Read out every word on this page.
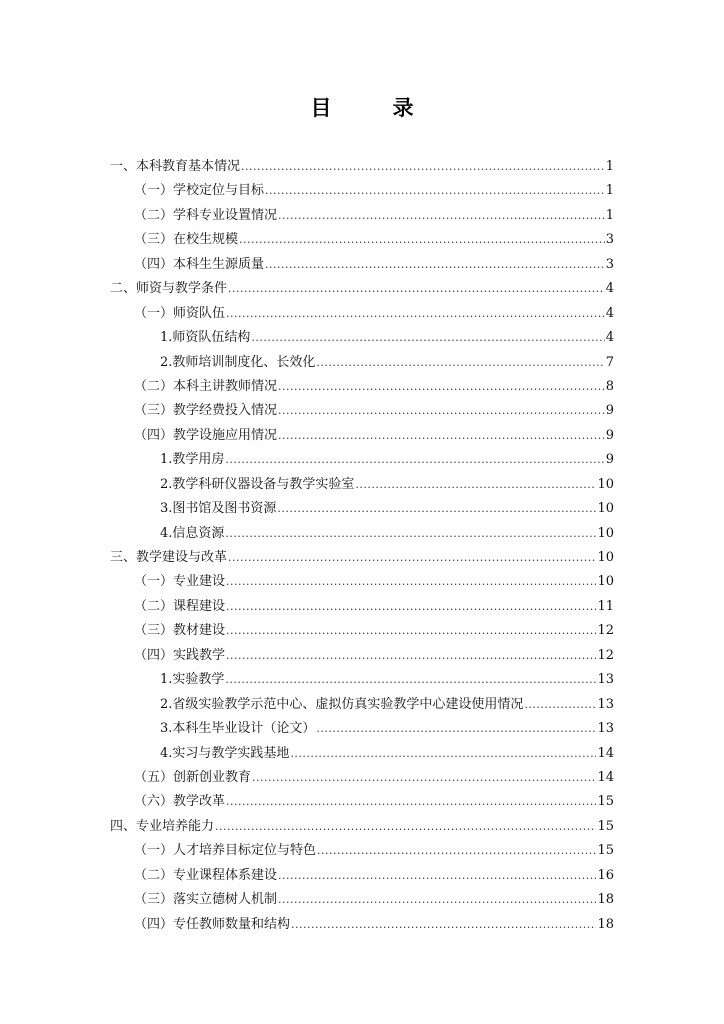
目　录
一、本科教育基本情况 .....	1
（一）学校定位与目标 .....	1
（二）学科专业设置情况 .....	1
（三）在校生规模 .....	3
（四）本科生生源质量 .....	3
二、师资与教学条件 .....	4
（一）师资队伍 .....	4
1.师资队伍结构 .....	4
2.教师培训制度化、长效化 .....	7
（二）本科主讲教师情况 .....	8
（三）教学经费投入情况 .....	9
（四）教学设施应用情况 .....	9
1.教学用房 .....	9
2.教学科研仪器设备与教学实验室 .....	10
3.图书馆及图书资源 .....	10
4.信息资源 .....	10
三、教学建设与改革 .....	10
（一）专业建设 .....	10
（二）课程建设 .....	11
（三）教材建设 .....	12
（四）实践教学 .....	12
1.实验教学 .....	13
2.省级实验教学示范中心、虚拟仿真实验教学中心建设使用情况 .....	13
3.本科生毕业设计（论文） .....	13
4.实习与教学实践基地 .....	14
（五）创新创业教育 .....	14
（六）教学改革 .....	15
四、专业培养能力 .....	15
（一）人才培养目标定位与特色 .....	15
（二）专业课程体系建设 .....	16
（三）落实立德树人机制 .....	18
（四）专任教师数量和结构 .....	18
